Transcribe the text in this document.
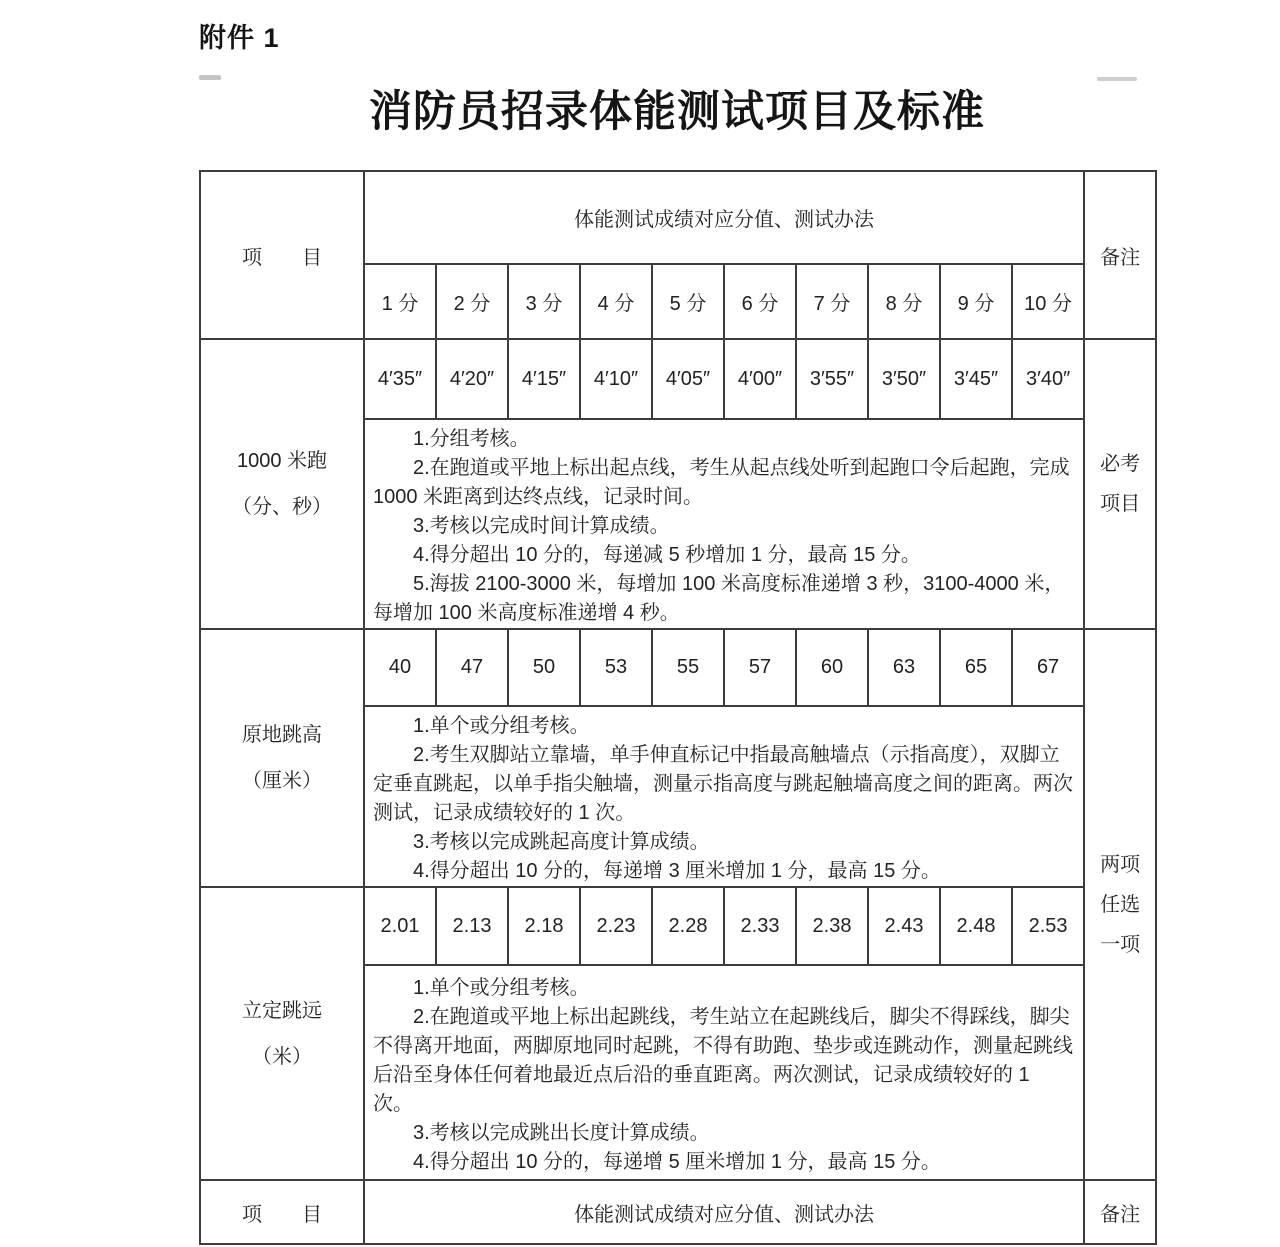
附件 1
消防员招录体能测试项目及标准
项　　目	体能测试成绩对应分值、测试办法										备注
	1 分	2 分	3 分	4 分	5 分	6 分	7 分	8 分	9 分	10 分	

1000 米跑
（分、秒）	4′35″	4′20″	4′15″	4′10″	4′05″	4′00″	3′55″	3′50″	3′45″	3′40″	必考项目

	1.分组考核。

2.在跑道或平地上标出起点线，考生从起点线处听到起跑口令后起跑，完成 1000 米距离到达终点线，记录时间。

3.考核以完成时间计算成绩。

4.得分超出 10 分的，每递减 5 秒增加 1 分，最高 15 分。

5.海拔 2100-3000 米，每增加 100 米高度标准递增 3 秒，3100-4000 米，每增加 100 米高度标准递增 4 秒。										

原地跳高
（厘米）	40	47	50	53	55	57	60	63	65	67	两项任选一项

	1.单个或分组考核。

2.考生双脚站立靠墙，单手伸直标记中指最高触墙点（示指高度），双脚立定垂直跳起，以单手指尖触墙，测量示指高度与跳起触墙高度之间的距离。两次测试，记录成绩较好的 1 次。

3.考核以完成跳起高度计算成绩。

4.得分超出 10 分的，每递增 3 厘米增加 1 分，最高 15 分。										

立定跳远
（米）	2.01	2.13	2.18	2.23	2.28	2.33	2.38	2.43	2.48	2.53	

	1.单个或分组考核。

2.在跑道或平地上标出起跳线，考生站立在起跳线后，脚尖不得踩线，脚尖不得离开地面，两脚原地同时起跳，不得有助跑、垫步或连跳动作，测量起跳线后沿至身体任何着地最近点后沿的垂直距离。两次测试，记录成绩较好的 1 次。

3.考核以完成跳出长度计算成绩。

4.得分超出 10 分的，每递增 5 厘米增加 1 分，最高 15 分。										

项　　目	体能测试成绩对应分值、测试办法										备注
